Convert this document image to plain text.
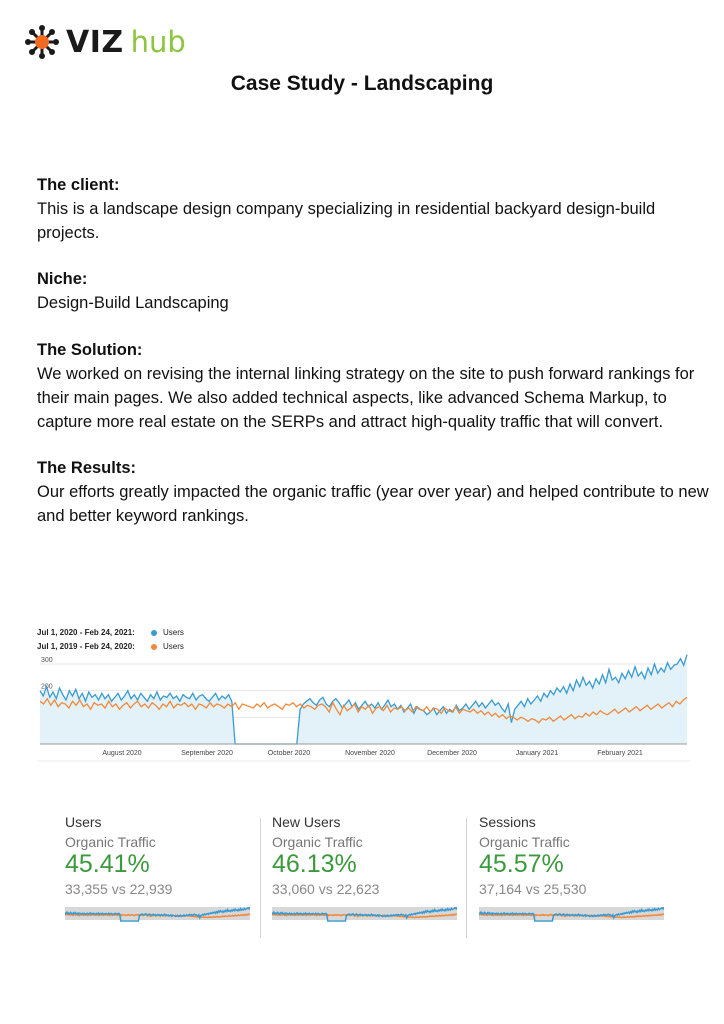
VIZ hub
Case Study - Landscaping
The client:
This is a landscape design company specializing in residential backyard design-build projects.
Niche:
Design-Build Landscaping
The Solution:
We worked on revising the internal linking strategy on the site to push forward rankings for their main pages. We also added technical aspects, like advanced Schema Markup, to capture more real estate on the SERPs and attract high-quality traffic that will convert.
The Results:
Our efforts greatly impacted the organic traffic (year over year) and helped contribute to new and better keyword rankings.
Jul 1, 2020 - Feb 24, 2021:	Users
Jul 1, 2019 - Feb 24, 2020:	Users
300
200
August 2020	September 2020	October 2020	November 2020	December 2020	January 2021	February 2021
Users
Organic Traffic
45.41%
33,355 vs 22,939
New Users
Organic Traffic
46.13%
33,060 vs 22,623
Sessions
Organic Traffic
45.57%
37,164 vs 25,530
